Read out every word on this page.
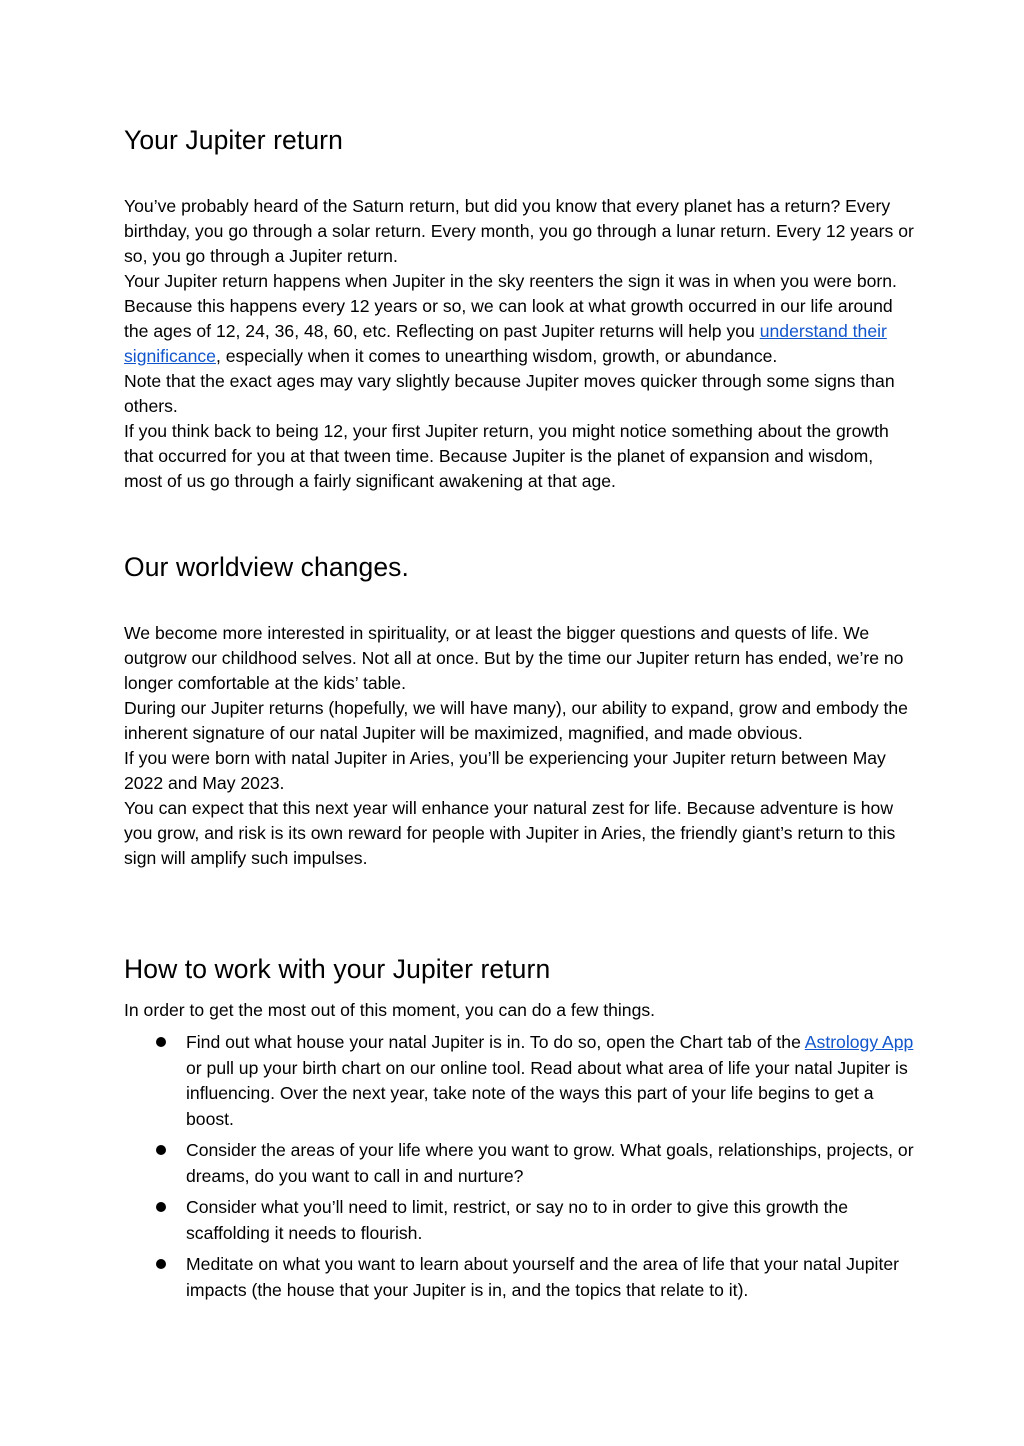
Your Jupiter return

You’ve probably heard of the Saturn return, but did you know that every planet has a return? Every birthday, you go through a solar return. Every month, you go through a lunar return. Every 12 years or so, you go through a Jupiter return.

Your Jupiter return happens when Jupiter in the sky reenters the sign it was in when you were born. Because this happens every 12 years or so, we can look at what growth occurred in our life around the ages of 12, 24, 36, 48, 60, etc. Reflecting on past Jupiter returns will help you understand their significance, especially when it comes to unearthing wisdom, growth, or abundance.

Note that the exact ages may vary slightly because Jupiter moves quicker through some signs than others.

If you think back to being 12, your first Jupiter return, you might notice something about the growth that occurred for you at that tween time. Because Jupiter is the planet of expansion and wisdom, most of us go through a fairly significant awakening at that age.

Our worldview changes.

We become more interested in spirituality, or at least the bigger questions and quests of life. We outgrow our childhood selves. Not all at once. But by the time our Jupiter return has ended, we’re no longer comfortable at the kids’ table.

During our Jupiter returns (hopefully, we will have many), our ability to expand, grow and embody the inherent signature of our natal Jupiter will be maximized, magnified, and made obvious.

If you were born with natal Jupiter in Aries, you’ll be experiencing your Jupiter return between May 2022 and May 2023.

You can expect that this next year will enhance your natural zest for life. Because adventure is how you grow, and risk is its own reward for people with Jupiter in Aries, the friendly giant’s return to this sign will amplify such impulses.

How to work with your Jupiter return

In order to get the most out of this moment, you can do a few things.

Find out what house your natal Jupiter is in. To do so, open the Chart tab of the Astrology App or pull up your birth chart on our online tool. Read about what area of life your natal Jupiter is influencing. Over the next year, take note of the ways this part of your life begins to get a boost.
Consider the areas of your life where you want to grow. What goals, relationships, projects, or dreams, do you want to call in and nurture?
Consider what you’ll need to limit, restrict, or say no to in order to give this growth the scaffolding it needs to flourish.
Meditate on what you want to learn about yourself and the area of life that your natal Jupiter impacts (the house that your Jupiter is in, and the topics that relate to it).
